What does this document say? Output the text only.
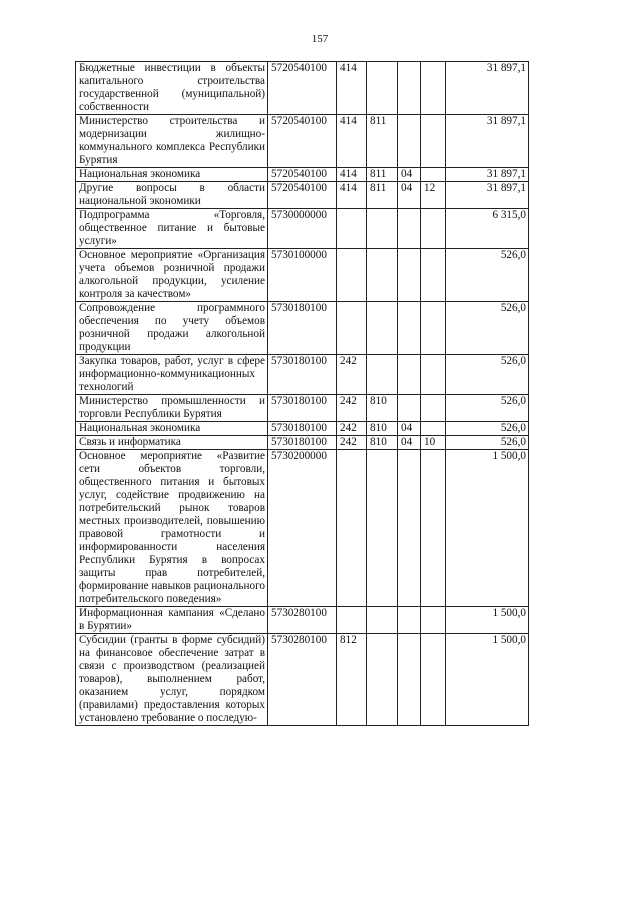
157
Бюджетные инвестиции в объекты капитального строительства государственной (муниципальной) собственности	5720540100	414				31 897,1
Министерство строительства и модернизации жилищно-коммунального комплекса Республики Бурятия	5720540100	414	811			31 897,1
Национальная экономика	5720540100	414	811	04		31 897,1
Другие вопросы в области национальной экономики	5720540100	414	811	04	12	31 897,1
Подпрограмма «Торговля, общественное питание и бытовые услуги»	5730000000					6 315,0
Основное мероприятие «Организация учета объемов розничной продажи алкогольной продукции, усиление контроля за качеством»	5730100000					526,0
Сопровождение программного обеспечения по учету объемов розничной продажи алкогольной продукции	5730180100					526,0
Закупка товаров, работ, услуг в сфере информационно-коммуникационных технологий	5730180100	242				526,0
Министерство промышленности и торговли Республики Бурятия	5730180100	242	810			526,0
Национальная экономика	5730180100	242	810	04		526,0
Связь и информатика	5730180100	242	810	04	10	526,0
Основное мероприятие «Развитие сети объектов торговли, общественного питания и бытовых услуг, содействие продвижению на потребительский рынок товаров местных производителей, повышению правовой грамотности и информированности населения Республики Бурятия в вопросах защиты прав потребителей, формирование навыков рационального потребительского поведения»	5730200000					1 500,0
Информационная кампания «Сделано в Бурятии»	5730280100					1 500,0
Субсидии (гранты в форме субсидий) на финансовое обеспечение затрат в связи с производством (реализацией товаров), выполнением работ, оказанием услуг, порядком (правилами) предоставления которых установлено требование о последую-	5730280100	812				1 500,0
